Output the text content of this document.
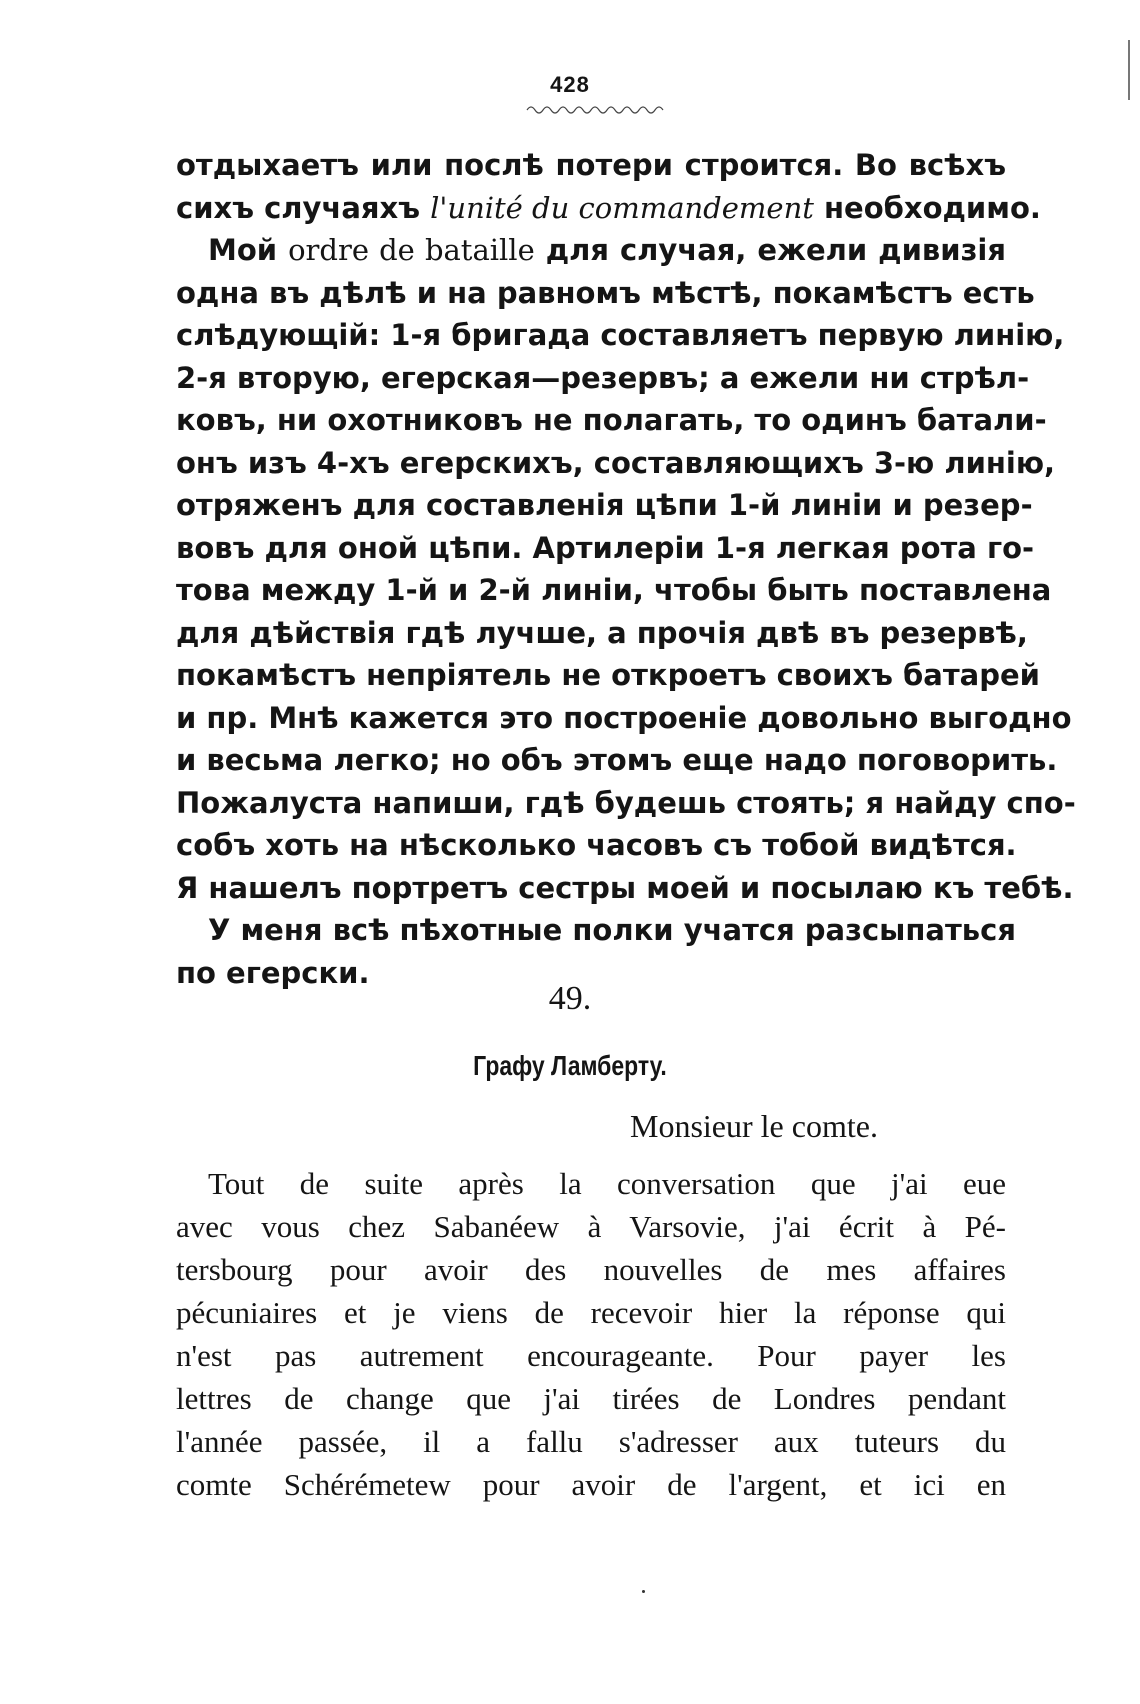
428
отдыхаетъ или послѣ потери строится. Во всѣхъ
сихъ случаяхъ l'unité du commandement необходимо.
Мой ordre de bataille для случая, ежели дивизія
одна въ дѣлѣ и на равномъ мѣстѣ, покамѣстъ есть
слѣдующій: 1-я бригада составляетъ первую линію,
2-я вторую, егерская—резервъ; а ежели ни стрѣл-
ковъ, ни охотниковъ не полагать, то одинъ батали-
онъ изъ 4-хъ егерскихъ, составляющихъ 3-ю линію,
отряженъ для составленія цѣпи 1-й линіи и резер-
вовъ для оной цѣпи. Артилеріи 1-я легкая рота го-
това между 1-й и 2-й линіи, чтобы быть поставлена
для дѣйствія гдѣ лучше, а прочія двѣ въ резервѣ,
покамѣстъ непріятель не откроетъ своихъ батарей
и пр. Мнѣ кажется это построеніе довольно выгодно
и весьма легко; но объ этомъ еще надо поговорить.
Пожалуста напиши, гдѣ будешь стоять; я найду спо-
собъ хоть на нѣсколько часовъ съ тобой видѣтся.
Я нашелъ портретъ сестры моей и посылаю къ тебѣ.
У меня всѣ пѣхотные полки учатся разсыпаться
по егерски.
49.
Графу Ламберту.
Monsieur le comte.
Tout de suite après la conversation que j'ai eue
avec vous chez Sabanéew à Varsovie, j'ai écrit à Pé-
tersbourg pour avoir des nouvelles de mes affaires
pécuniaires et je viens de recevoir hier la réponse qui
n'est pas autrement encourageante. Pour payer les
lettres de change que j'ai tirées de Londres pendant
l'année passée, il a fallu s'adresser aux tuteurs du
comte Schérémetew pour avoir de l'argent, et ici en
